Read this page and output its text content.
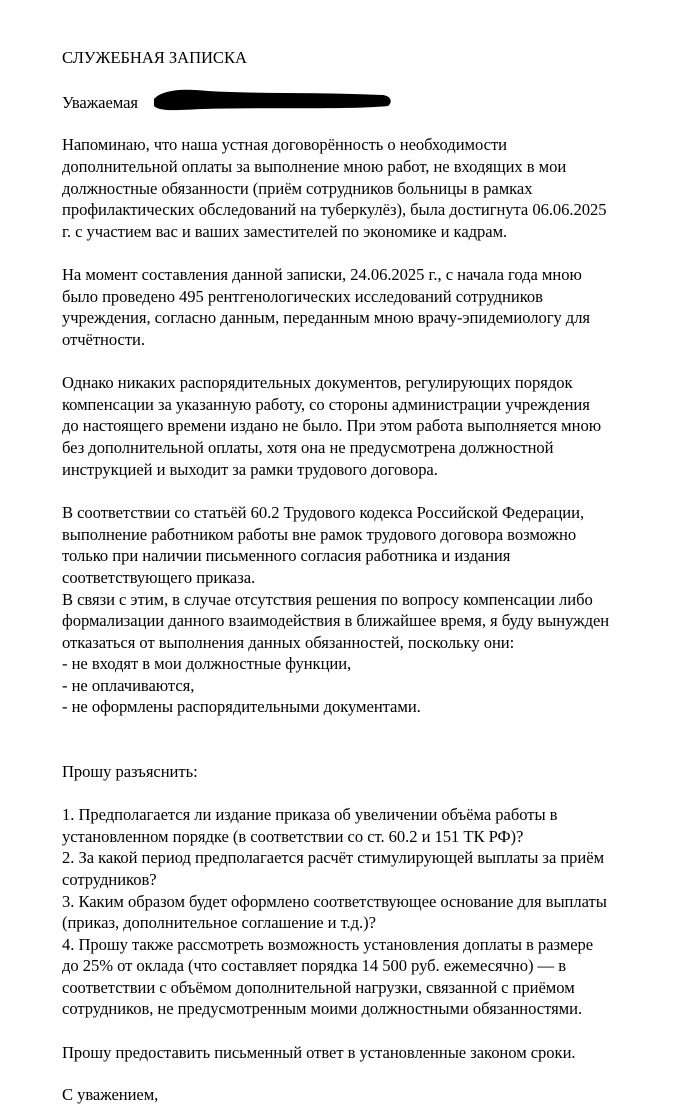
СЛУЖЕБНАЯ ЗАПИСКА
Уважаемая
Напоминаю, что наша устная договорённость о необходимости
дополнительной оплаты за выполнение мною работ, не входящих в мои
должностные обязанности (приём сотрудников больницы в рамках
профилактических обследований на туберкулёз), была достигнута 06.06.2025
г. с участием вас и ваших заместителей по экономике и кадрам.
На момент составления данной записки, 24.06.2025 г., с начала года мною
было проведено 495 рентгенологических исследований сотрудников
учреждения, согласно данным, переданным мною врачу-эпидемиологу для
отчётности.
Однако никаких распорядительных документов, регулирующих порядок
компенсации за указанную работу, со стороны администрации учреждения
до настоящего времени издано не было. При этом работа выполняется мною
без дополнительной оплаты, хотя она не предусмотрена должностной
инструкцией и выходит за рамки трудового договора.
В соответствии со статьёй 60.2 Трудового кодекса Российской Федерации,
выполнение работником работы вне рамок трудового договора возможно
только при наличии письменного согласия работника и издания
соответствующего приказа.
В связи с этим, в случае отсутствия решения по вопросу компенсации либо
формализации данного взаимодействия в ближайшее время, я буду вынужден
отказаться от выполнения данных обязанностей, поскольку они:
- не входят в мои должностные функции,
- не оплачиваются,
- не оформлены распорядительными документами.
Прошу разъяснить:
1. Предполагается ли издание приказа об увеличении объёма работы в
установленном порядке (в соответствии со ст. 60.2 и 151 ТК РФ)?
2. За какой период предполагается расчёт стимулирующей выплаты за приём
сотрудников?
3. Каким образом будет оформлено соответствующее основание для выплаты
(приказ, дополнительное соглашение и т.д.)?
4. Прошу также рассмотреть возможность установления доплаты в размере
до 25% от оклада (что составляет порядка 14 500 руб. ежемесячно) — в
соответствии с объёмом дополнительной нагрузки, связанной с приёмом
сотрудников, не предусмотренным моими должностными обязанностями.
Прошу предоставить письменный ответ в установленные законом сроки.
С уважением,
